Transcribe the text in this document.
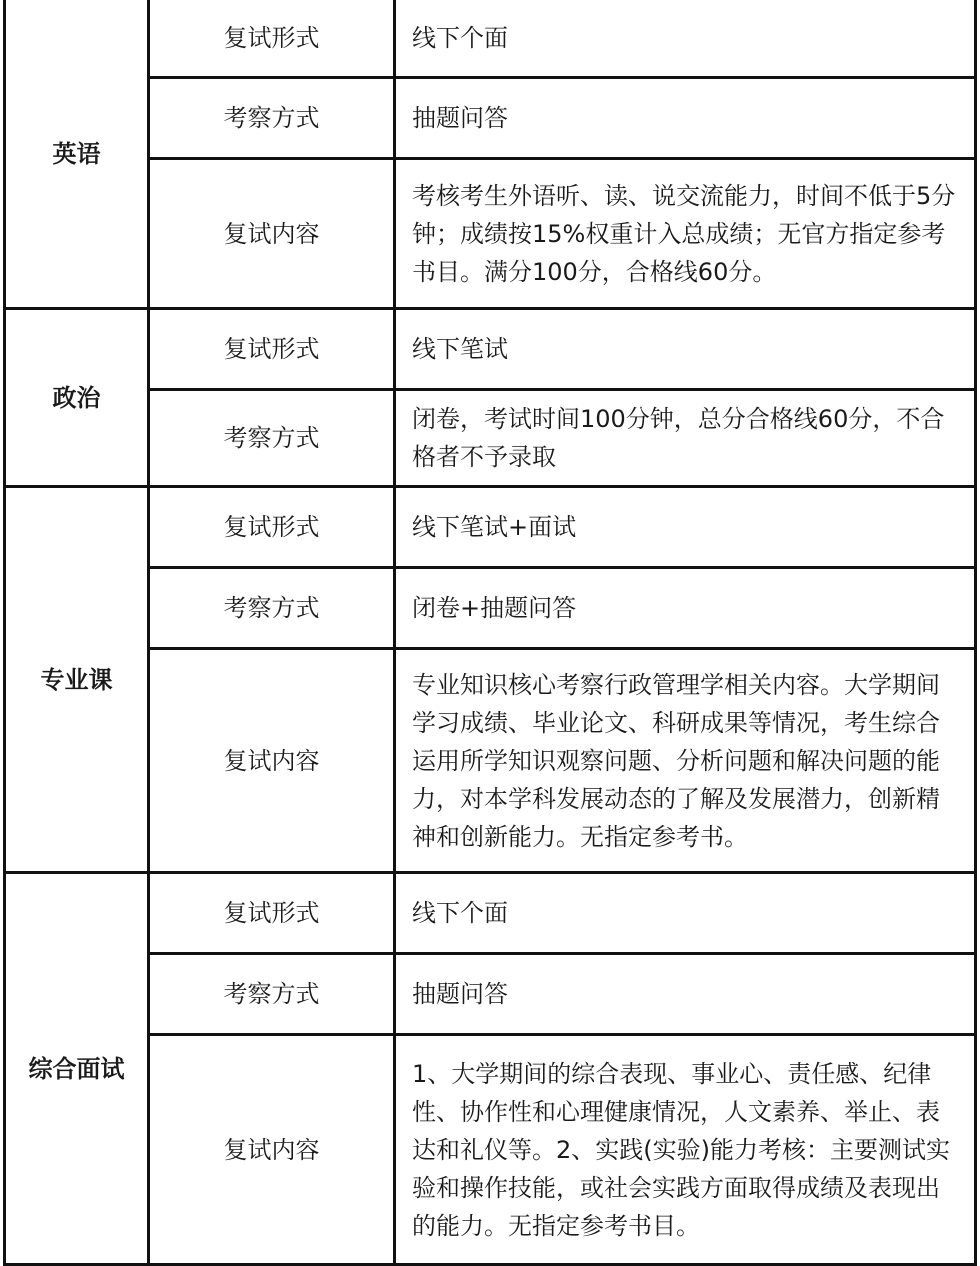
英语	复试形式	线下个面
	考察方式	抽题问答
	复试内容	考核考生外语听、读、说交流能力，时间不低于5分钟；成绩按15%权重计入总成绩；无官方指定参考书目。满分100分，合格线60分。
政治	复试形式	线下笔试
	考察方式	闭卷，考试时间100分钟，总分合格线60分，不合格者不予录取
专业课	复试形式	线下笔试+面试
	考察方式	闭卷+抽题问答
	复试内容	专业知识核心考察行政管理学相关内容。大学期间学习成绩、毕业论文、科研成果等情况，考生综合运用所学知识观察问题、分析问题和解决问题的能力，对本学科发展动态的了解及发展潜力，创新精神和创新能力。无指定参考书。
综合面试	复试形式	线下个面
	考察方式	抽题问答
	复试内容	1、大学期间的综合表现、事业心、责任感、纪律性、协作性和心理健康情况，人文素养、举止、表达和礼仪等。2、实践(实验)能力考核：主要测试实验和操作技能，或社会实践方面取得成绩及表现出的能力。无指定参考书目。
